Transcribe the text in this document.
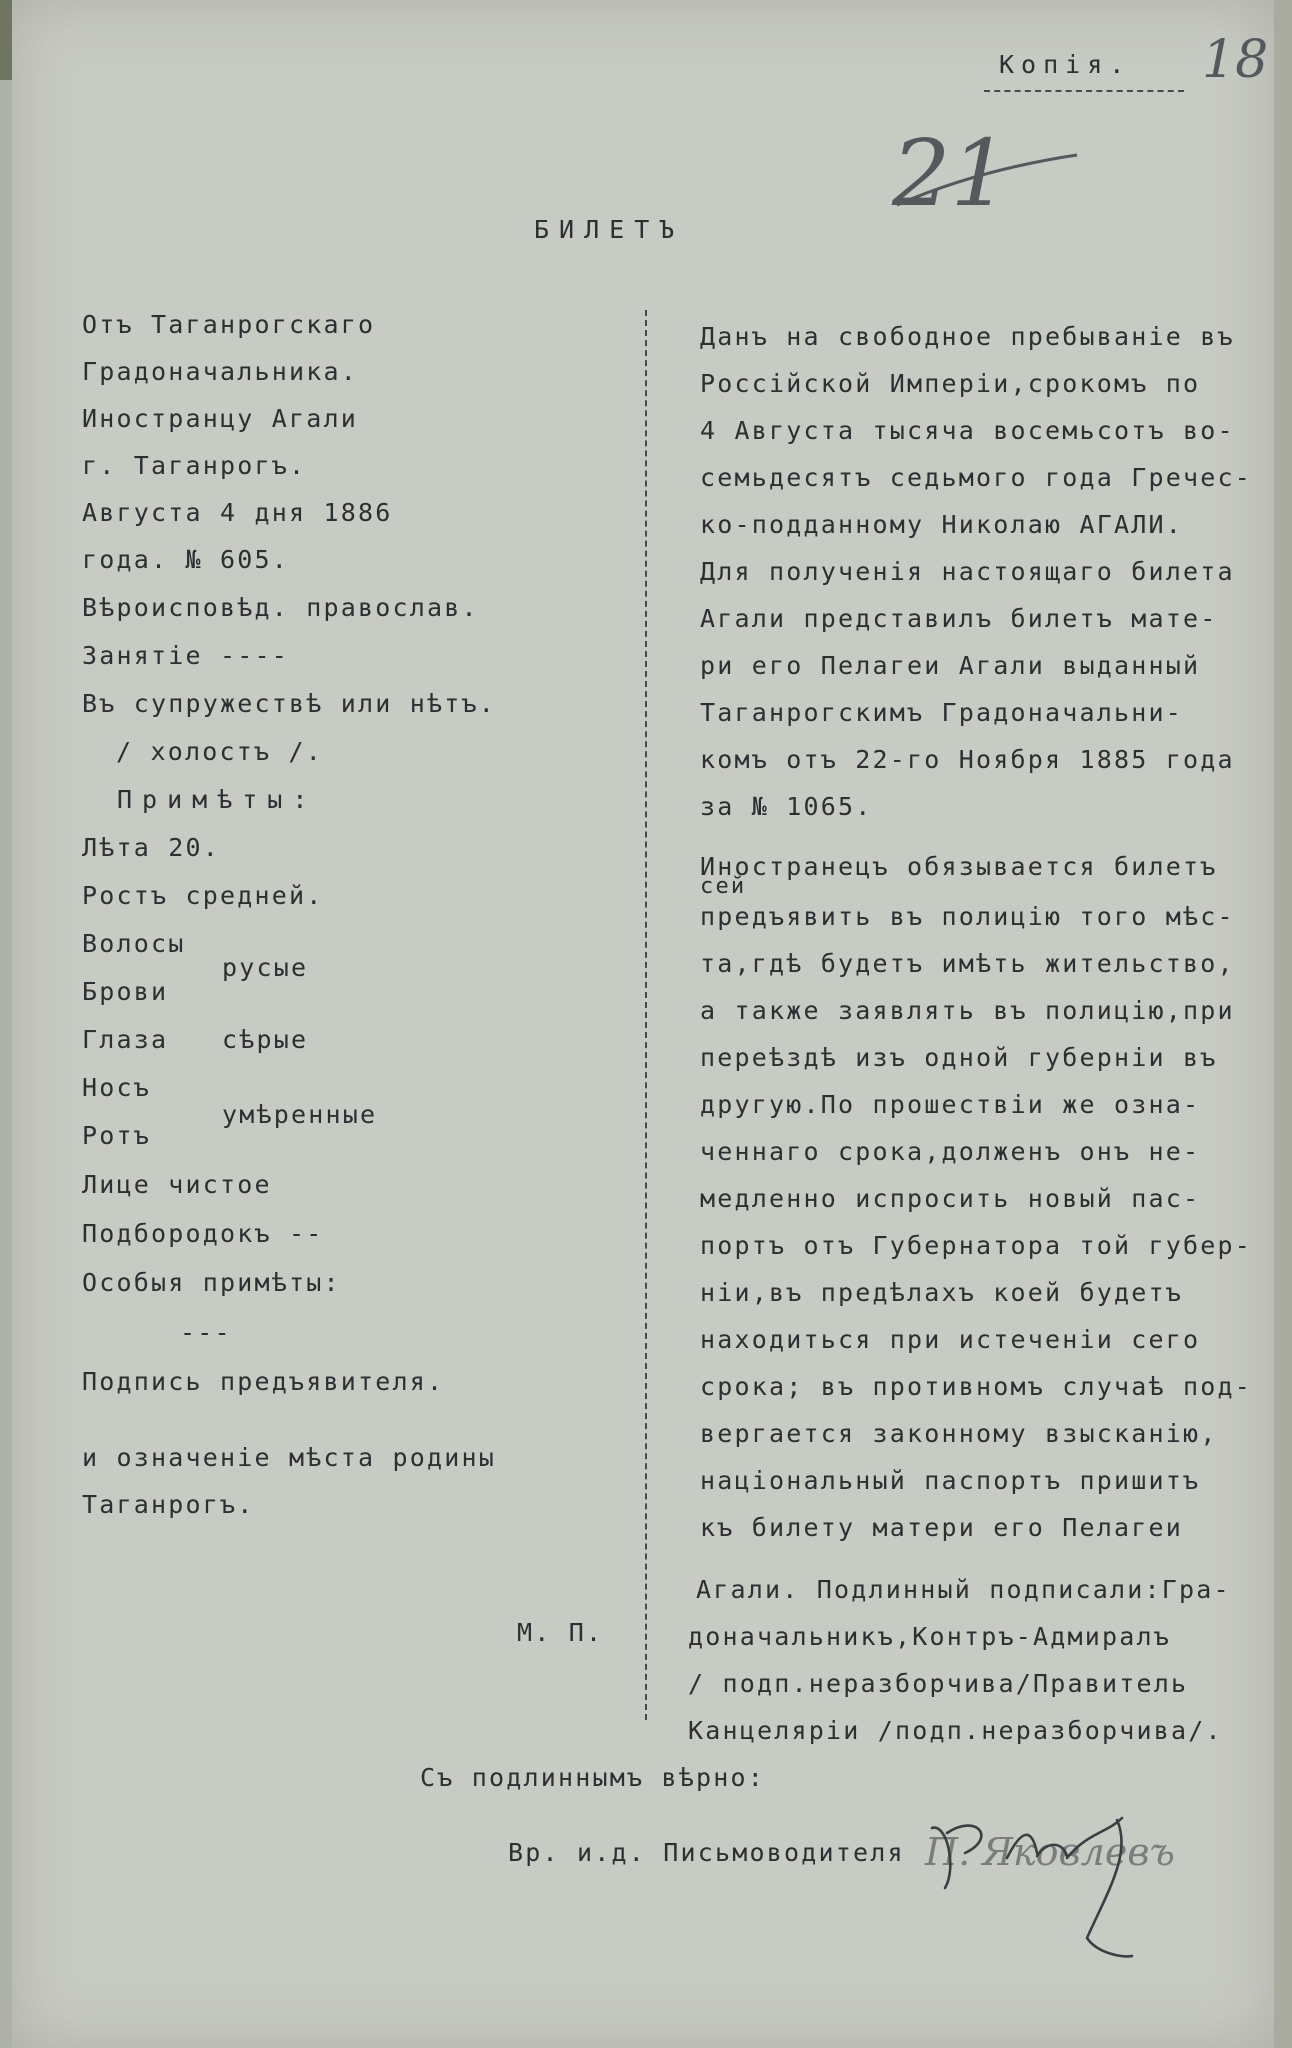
Копiя. 18
21
БИЛЕТЪ
Отъ Таганрогскаго
Градоначальника.
Иностранцу Агали
г. Таганрогъ.
Августа 4 дня 1886
года. № 605.
Вѣроисповѣд. православ.
Занятiе ----
Въ супружествѣ или нѣтъ.
/ холостъ /.
Примѣты:
Лѣта 20.
Ростъ средней.
Волосы
русые
Брови
Глаза сѣрые
Носъ
умѣренные
Ротъ
Лице чистое
Подбородокъ --
Особыя примѣты:
---
Подпись предъявителя.
и означенiе мѣста родины
Таганрогъ.
М. П.
Данъ на свободное пребыванiе въ
Россiйской Имперiи,срокомъ по
4 Августа тысяча восемьсотъ во-
семьдесятъ седьмого года Гречес-
ко-подданному Николаю АГАЛИ.
Для полученiя настоящаго билета
Агали представилъ билетъ мате-
ри его Пелагеи Агали выданный
Таганрогскимъ Градоначальни-
комъ отъ 22-го Ноября 1885 года
за № 1065.
Иностранецъ обязывается билетъ
сей
предъявить въ полицiю того мѣс-
та,гдѣ будетъ имѣть жительство,
а также заявлять въ полицiю,при
переѣздѣ изъ одной губернiи въ
другую.По прошествiи же озна-
ченнаго срока,долженъ онъ не-
медленно испросить новый пас-
портъ отъ Губернатора той губер-
нiи,въ предѣлахъ коей будетъ
находиться при истеченiи сего
срока; въ противномъ случаѣ под-
вергается законному взысканiю,
нацiональный паспортъ пришитъ
къ билету матери его Пелагеи
Агали. Подлинный подписали:Гра-
доначальникъ,Контръ-Адмиралъ
/ подп.неразборчива/Правитель
Канцелярiи /подп.неразборчива/.
Съ подлиннымъ вѣрно:
Вр. и.д. Письмоводителя П. Яковлевъ
